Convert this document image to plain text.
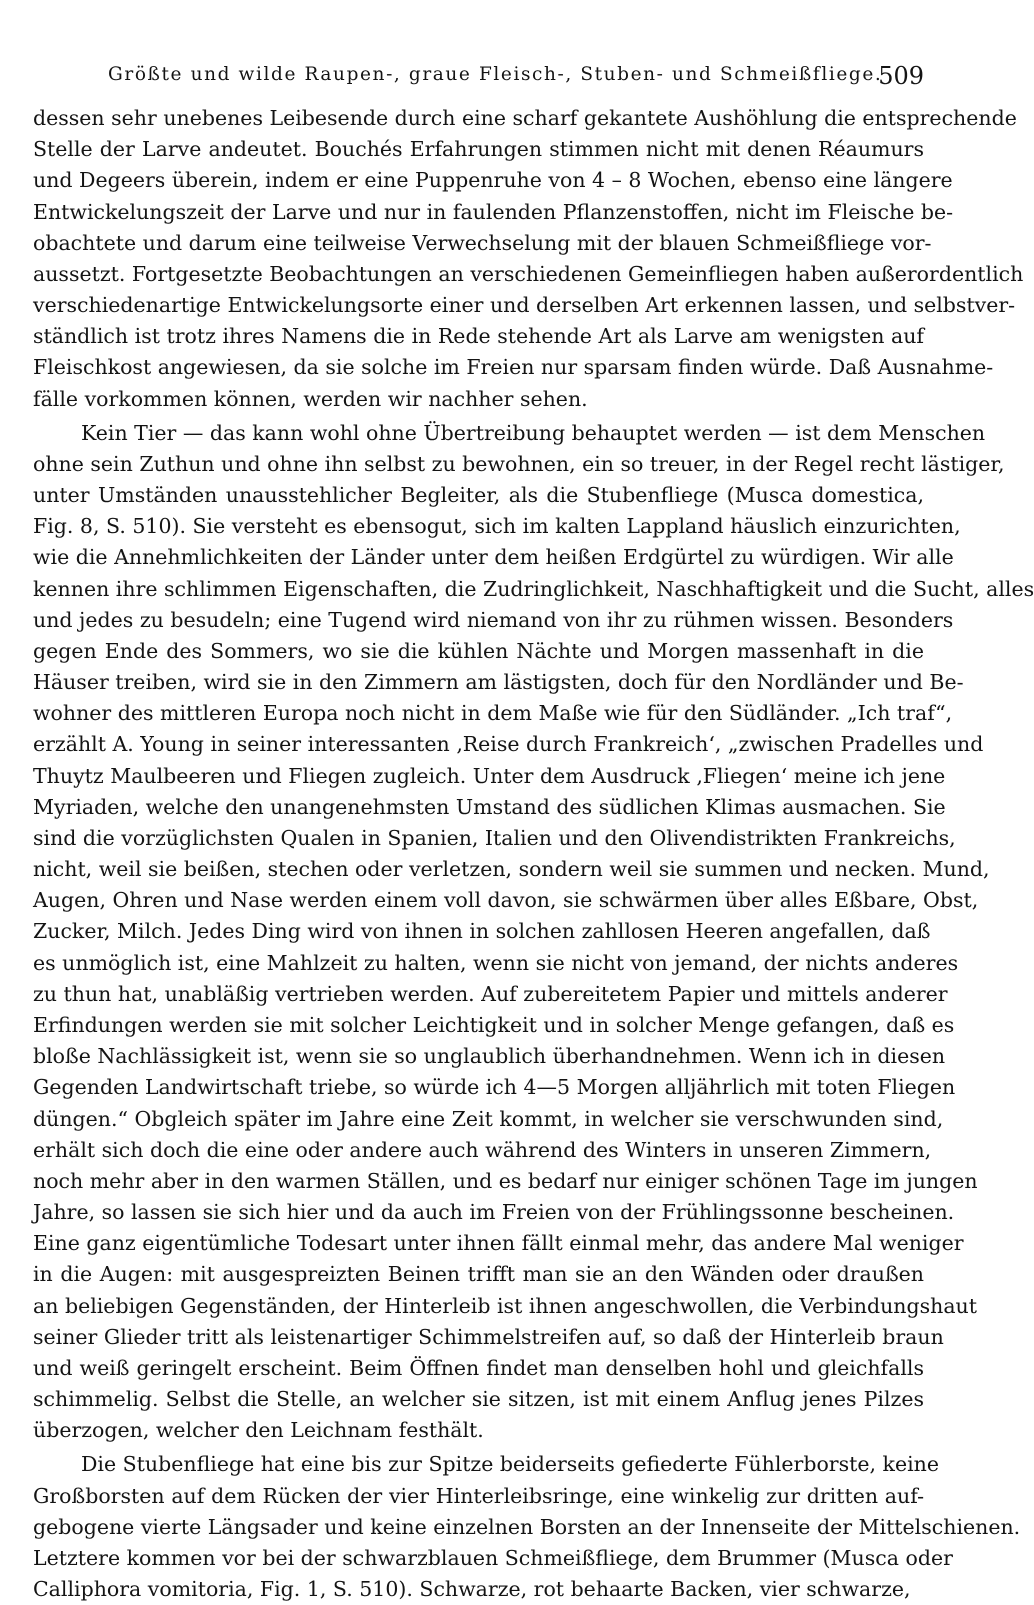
Größte und wilde Raupen-, graue Fleisch-, Stuben- und Schmeißfliege.
509
dessen sehr unebenes Leibesende durch eine scharf gekantete Aushöhlung die entsprechende
Stelle der Larve andeutet. Bouchés Erfahrungen stimmen nicht mit denen Réaumurs
und Degeers überein, indem er eine Puppenruhe von 4 – 8 Wochen, ebenso eine längere
Entwickelungszeit der Larve und nur in faulenden Pflanzenstoffen, nicht im Fleische be-
obachtete und darum eine teilweise Verwechselung mit der blauen Schmeißfliege vor-
aussetzt. Fortgesetzte Beobachtungen an verschiedenen Gemeinfliegen haben außerordentlich
verschiedenartige Entwickelungsorte einer und derselben Art erkennen lassen, und selbstver-
ständlich ist trotz ihres Namens die in Rede stehende Art als Larve am wenigsten auf
Fleischkost angewiesen, da sie solche im Freien nur sparsam finden würde. Daß Ausnahme-
fälle vorkommen können, werden wir nachher sehen.
Kein Tier — das kann wohl ohne Übertreibung behauptet werden — ist dem Menschen
ohne sein Zuthun und ohne ihn selbst zu bewohnen, ein so treuer, in der Regel recht lästiger,
unter Umständen unausstehlicher Begleiter, als die Stubenfliege (Musca domestica,
Fig. 8, S. 510). Sie versteht es ebensogut, sich im kalten Lappland häuslich einzurichten,
wie die Annehmlichkeiten der Länder unter dem heißen Erdgürtel zu würdigen. Wir alle
kennen ihre schlimmen Eigenschaften, die Zudringlichkeit, Naschhaftigkeit und die Sucht, alles
und jedes zu besudeln; eine Tugend wird niemand von ihr zu rühmen wissen. Besonders
gegen Ende des Sommers, wo sie die kühlen Nächte und Morgen massenhaft in die
Häuser treiben, wird sie in den Zimmern am lästigsten, doch für den Nordländer und Be-
wohner des mittleren Europa noch nicht in dem Maße wie für den Südländer. „Ich traf“,
erzählt A. Young in seiner interessanten ‚Reise durch Frankreich‘, „zwischen Pradelles und
Thuytz Maulbeeren und Fliegen zugleich. Unter dem Ausdruck ‚Fliegen‘ meine ich jene
Myriaden, welche den unangenehmsten Umstand des südlichen Klimas ausmachen. Sie
sind die vorzüglichsten Qualen in Spanien, Italien und den Olivendistrikten Frankreichs,
nicht, weil sie beißen, stechen oder verletzen, sondern weil sie summen und necken. Mund,
Augen, Ohren und Nase werden einem voll davon, sie schwärmen über alles Eßbare, Obst,
Zucker, Milch. Jedes Ding wird von ihnen in solchen zahllosen Heeren angefallen, daß
es unmöglich ist, eine Mahlzeit zu halten, wenn sie nicht von jemand, der nichts anderes
zu thun hat, unabläßig vertrieben werden. Auf zubereitetem Papier und mittels anderer
Erfindungen werden sie mit solcher Leichtigkeit und in solcher Menge gefangen, daß es
bloße Nachlässigkeit ist, wenn sie so unglaublich überhandnehmen. Wenn ich in diesen
Gegenden Landwirtschaft triebe, so würde ich 4—5 Morgen alljährlich mit toten Fliegen
düngen.“ Obgleich später im Jahre eine Zeit kommt, in welcher sie verschwunden sind,
erhält sich doch die eine oder andere auch während des Winters in unseren Zimmern,
noch mehr aber in den warmen Ställen, und es bedarf nur einiger schönen Tage im jungen
Jahre, so lassen sie sich hier und da auch im Freien von der Frühlingssonne bescheinen.
Eine ganz eigentümliche Todesart unter ihnen fällt einmal mehr, das andere Mal weniger
in die Augen: mit ausgespreizten Beinen trifft man sie an den Wänden oder draußen
an beliebigen Gegenständen, der Hinterleib ist ihnen angeschwollen, die Verbindungshaut
seiner Glieder tritt als leistenartiger Schimmelstreifen auf, so daß der Hinterleib braun
und weiß geringelt erscheint. Beim Öffnen findet man denselben hohl und gleichfalls
schimmelig. Selbst die Stelle, an welcher sie sitzen, ist mit einem Anflug jenes Pilzes
überzogen, welcher den Leichnam festhält.
Die Stubenfliege hat eine bis zur Spitze beiderseits gefiederte Fühlerborste, keine
Großborsten auf dem Rücken der vier Hinterleibsringe, eine winkelig zur dritten auf-
gebogene vierte Längsader und keine einzelnen Borsten an der Innenseite der Mittelschienen.
Letztere kommen vor bei der schwarzblauen Schmeißfliege, dem Brummer (Musca oder
Calliphora vomitoria, Fig. 1, S. 510). Schwarze, rot behaarte Backen, vier schwarze,
